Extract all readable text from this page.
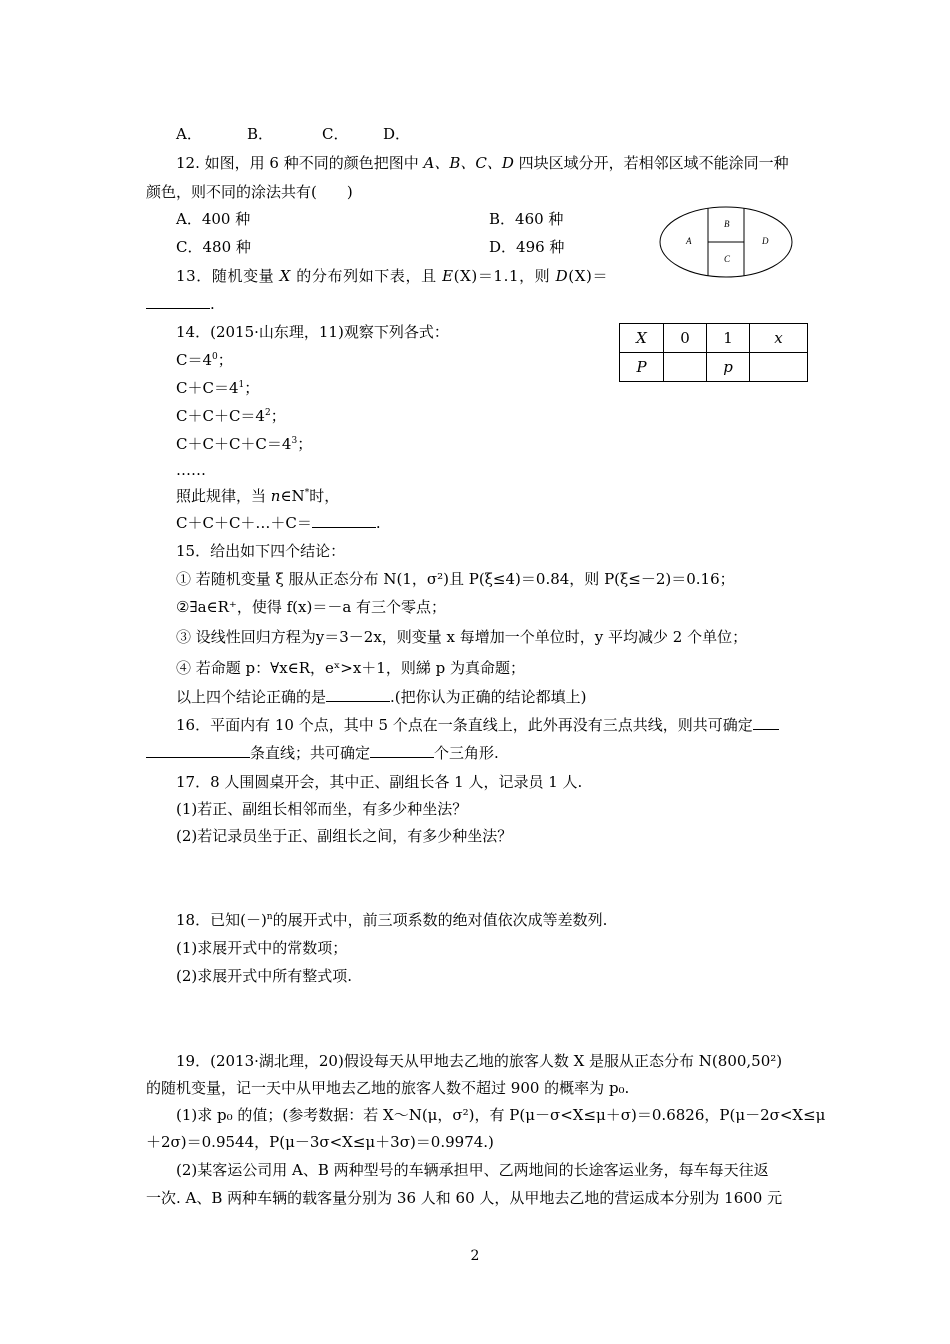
A．	B．	C． D．
12. 如图，用 6 种不同的颜色把图中 A、B、C、D 四块区域分开，若相邻区域不能涂同一种
颜色，则不同的涂法共有(　　)
A．400 种	B．460 种
C．480 种	D．496 种	A
B
C
D
13．随机变量 X 的分布列如下表，且 E(X)＝1.1，则 D(X)＝
.
X	0	1	x
P		p	
14．(2015·山东理，11)观察下列各式：
$C=4^0$；
$C+C=4^1$；
$C+C+C=4^2$；
$C+C+C+C=4^3$；
……
照此规律，当 n∈N*时，
C＋C＋C＋…＋C＝	.
15．给出如下四个结论：
① 若随机变量 ξ 服从正态分布 N(1，σ²)且 P(ξ≤4)＝0.84，则 P(ξ≤－2)＝0.16；
②∃a∈R⁺，使得 f(x)＝－a 有三个零点；
③ 设线性回归方程为y＝3－2x，则变量 x 每增加一个单位时，y 平均减少 2 个单位；
④ 若命题 p：∀x∈R，eˣ>x＋1，则綈 p 为真命题；
以上四个结论正确的是	.(把你认为正确的结论都填上)
16．平面内有 10 个点，其中 5 个点在一条直线上，此外再没有三点共线，则共可确定
条直线；共可确定	个三角形.
17．8 人围圆桌开会，其中正、副组长各 1 人，记录员 1 人.
(1)若正、副组长相邻而坐，有多少种坐法？
(2)若记录员坐于正、副组长之间，有多少种坐法？
18．已知$(-)^n$的展开式中，前三项系数的绝对值依次成等差数列.
(1)求展开式中的常数项；
(2)求展开式中所有整式项.
19．(2013·湖北理，20)假设每天从甲地去乙地的旅客人数 X 是服从正态分布 N(800,50²)
的随机变量，记一天中从甲地去乙地的旅客人数不超过 900 的概率为 p₀.
(1)求 p₀ 的值；(参考数据：若 X～N(μ，σ²)，有 P(μ－σ<X≤μ＋σ)＝0.6826，P(μ－2σ<X≤μ
＋2σ)＝0.9544，P(μ－3σ<X≤μ＋3σ)＝0.9974.)
(2)某客运公司用 A、B 两种型号的车辆承担甲、乙两地间的长途客运业务，每车每天往返
一次. A、B 两种车辆的载客量分别为 36 人和 60 人，从甲地去乙地的营运成本分别为 1600 元
2
